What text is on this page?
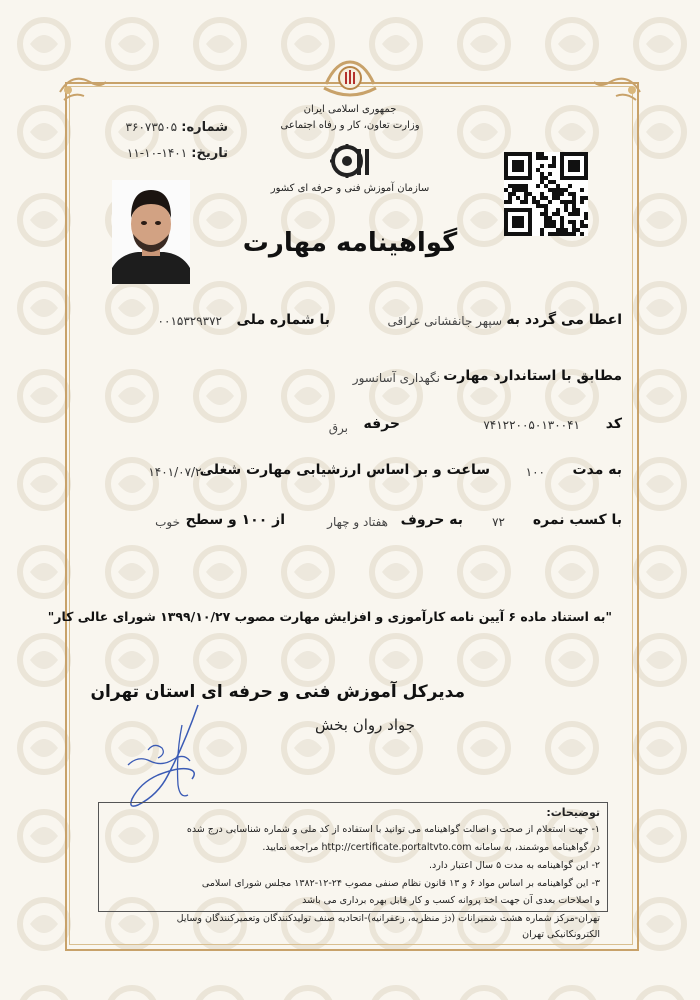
جمهوری اسلامی ایران
وزارت تعاون، کار و رفاه اجتماعی
سازمان آموزش فنی و حرفه ای کشور
شماره: ۳۶۰۷۳۵۰۵
تاریخ: ۱۴۰۱-۱۰-۱۱
گواهینامه مهارت
اعطا می گردد به
سپهر جانفشانی عراقی
با شماره ملی
۰۰۱۵۳۲۹۳۷۲
مطابق با استاندارد مهارت
نگهداری آسانسور
کد
۷۴۱۲۲۰۰۵۰۱۳۰۰۴۱
حرفه
برق
به مدت
۱۰۰
ساعت و بر اساس ارزشیابی مهارت شغلی
۱۴۰۱/۰۷/۲۰
با کسب نمره
۷۲
به حروف
هفتاد و چهار
از ۱۰۰ و سطح
خوب
"به استناد ماده ۶ آیین نامه کارآموزی و افزایش مهارت مصوب ۱۳۹۹/۱۰/۲۷ شورای عالی کار"
مدیرکل آموزش فنی و حرفه ای استان تهران
جواد روان بخش
توضیحات:
۱- جهت استعلام از صحت و اصالت گواهینامه می توانید با استفاده از کد ملی و شماره شناسایی درج شده
در گواهینامه موشمند، به سامانه http://certificate.portaltvto.com مراجعه نمایید.
۲- این گواهینامه به مدت ۵ سال اعتبار دارد.
۳- این گواهینامه بر اساس مواد ۶ و ۱۳ قانون نظام صنفی مصوب ۲۴-۱۲-۱۳۸۲ مجلس شورای اسلامی
و اصلاحات بعدی آن جهت اخذ پروانه کسب و کار قابل بهره برداری می باشد
تهران-مرکز شماره هشت شمیرانات (دژ منظریه، زعفرانیه)-اتحادیه صنف تولیدکنندگان وتعمیرکنندگان وسایل
الکترونکانیکی تهران
